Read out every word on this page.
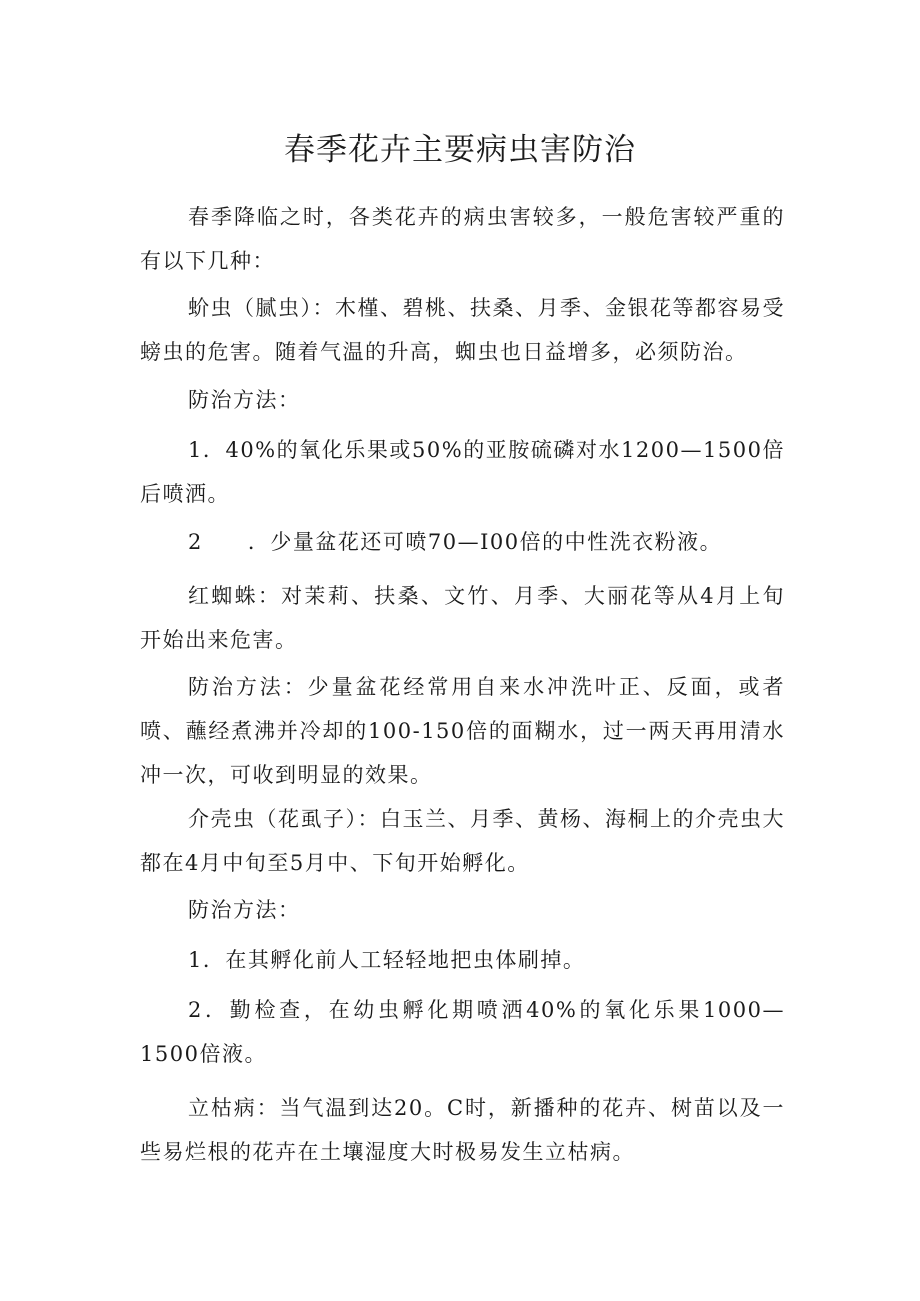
春季花卉主要病虫害防治

春季降临之时，各类花卉的病虫害较多，一般危害较严重的有以下几种：

蚧虫（腻虫）：木槿、碧桃、扶桑、月季、金银花等都容易受螃虫的危害。随着气温的升高，蜘虫也日益增多，必须防治。

防治方法：

1．40%的氧化乐果或50%的亚胺硫磷对水1200—1500倍后喷洒。

2　　．少量盆花还可喷70—I00倍的中性洗衣粉液。

红蜘蛛：对茉莉、扶桑、文竹、月季、大丽花等从4月上旬开始出来危害。

防治方法：少量盆花经常用自来水冲洗叶正、反面，或者喷、蘸经煮沸并冷却的100-150倍的面糊水，过一两天再用清水冲一次，可收到明显的效果。

介壳虫（花虱子）：白玉兰、月季、黄杨、海桐上的介壳虫大都在4月中旬至5月中、下旬开始孵化。

防治方法：

1．在其孵化前人工轻轻地把虫体刷掉。

2．勤检查，在幼虫孵化期喷洒40%的氧化乐果1000—1500倍液。

立枯病：当气温到达20。C时，新播种的花卉、树苗以及一些易烂根的花卉在土壤湿度大时极易发生立枯病。
